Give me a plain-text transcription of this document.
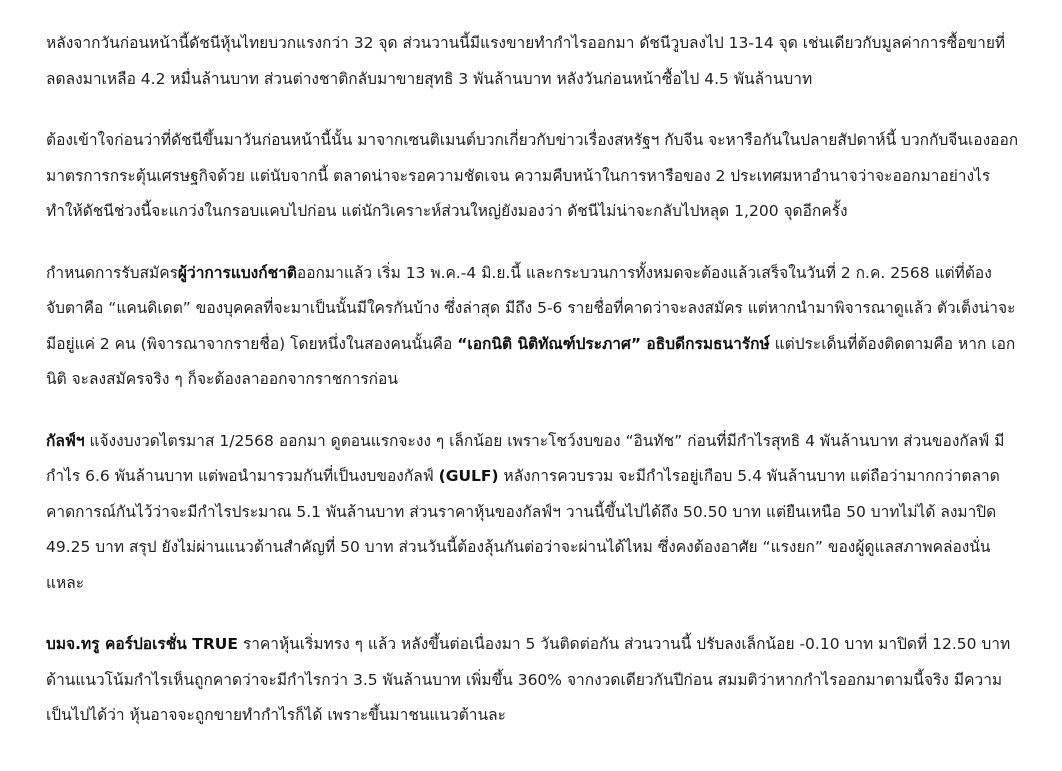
หลังจากวันก่อนหน้านี้ดัชนีหุ้นไทยบวกแรงกว่า 32 จุด ส่วนวานนี้มีแรงขายทำกำไรออกมา ดัชนีวูบลงไป 13-14 จุด เช่นเดียวกับมูลค่าการซื้อขายที่ลดลงมาเหลือ 4.2 หมื่นล้านบาท ส่วนต่างชาติกลับมาขายสุทธิ 3 พันล้านบาท หลังวันก่อนหน้าซื้อไป 4.5 พันล้านบาท

ต้องเข้าใจก่อนว่าที่ดัชนีขึ้นมาวันก่อนหน้านี้นั้น มาจากเซนติเมนต์บวกเกี่ยวกับข่าวเรื่องสหรัฐฯ กับจีน จะหารือกันในปลายสัปดาห์นี้ บวกกับจีนเองออกมาตรการกระตุ้นเศรษฐกิจด้วย แต่นับจากนี้ ตลาดน่าจะรอความชัดเจน ความคืบหน้าในการหารือของ 2 ประเทศมหาอำนาจว่าจะออกมาอย่างไร ทำให้ดัชนีช่วงนี้จะแกว่งในกรอบแคบไปก่อน แต่นักวิเคราะห์ส่วนใหญ่ยังมองว่า ดัชนีไม่น่าจะกลับไปหลุด 1,200 จุดอีกครั้ง

กำหนดการรับสมัครผู้ว่าการแบงก์ชาติออกมาแล้ว เริ่ม 13 พ.ค.-4 มิ.ย.นี้ และกระบวนการทั้งหมดจะต้องแล้วเสร็จในวันที่ 2 ก.ค. 2568 แต่ที่ต้องจับตาคือ “แคนดิเดต” ของบุคคลที่จะมาเป็นนั้นมีใครกันบ้าง ซึ่งล่าสุด มีถึง 5-6 รายชื่อที่คาดว่าจะลงสมัคร แต่หากนำมาพิจารณาดูแล้ว ตัวเต็งน่าจะมีอยู่แค่ 2 คน (พิจารณาจากรายชื่อ) โดยหนึ่งในสองคนนั้นคือ “เอกนิติ นิติทัณฑ์ประภาศ” อธิบดีกรมธนารักษ์ แต่ประเด็นที่ต้องติดตามคือ หาก เอกนิติ จะลงสมัครจริง ๆ ก็จะต้องลาออกจากราชการก่อน

กัลฟ์ฯ แจ้งงบงวดไตรมาส 1/2568 ออกมา ดูตอนแรกจะงง ๆ เล็กน้อย เพราะโชว์งบของ “อินทัช” ก่อนที่มีกำไรสุทธิ 4 พันล้านบาท ส่วนของกัลฟ์ มีกำไร 6.6 พันล้านบาท แต่พอนำมารวมกันที่เป็นงบของกัลฟ์ (GULF) หลังการควบรวม จะมีกำไรอยู่เกือบ 5.4 พันล้านบาท แต่ถือว่ามากกว่าตลาดคาดการณ์กันไว้ว่าจะมีกำไรประมาณ 5.1 พันล้านบาท ส่วนราคาหุ้นของกัลฟ์ฯ วานนี้ขึ้นไปได้ถึง 50.50 บาท แต่ยืนเหนือ 50 บาทไม่ได้ ลงมาปิด 49.25 บาท สรุป ยังไม่ผ่านแนวต้านสำคัญที่ 50 บาท ส่วนวันนี้ต้องลุ้นกันต่อว่าจะผ่านได้ไหม ซึ่งคงต้องอาศัย “แรงยก” ของผู้ดูแลสภาพคล่องนั่นแหละ

บมจ.ทรู คอร์ปอเรชั่น TRUE ราคาหุ้นเริ่มทรง ๆ แล้ว หลังขึ้นต่อเนื่องมา 5 วันติดต่อกัน ส่วนวานนี้ ปรับลงเล็กน้อย -0.10 บาท มาปิดที่ 12.50 บาท ด้านแนวโน้มกำไรเห็นถูกคาดว่าจะมีกำไรกว่า 3.5 พันล้านบาท เพิ่มขึ้น 360% จากงวดเดียวกันปีก่อน สมมติว่าหากกำไรออกมาตามนี้จริง มีความเป็นไปได้ว่า หุ้นอาจจะถูกขายทำกำไรก็ได้ เพราะขึ้นมาชนแนวต้านละ
